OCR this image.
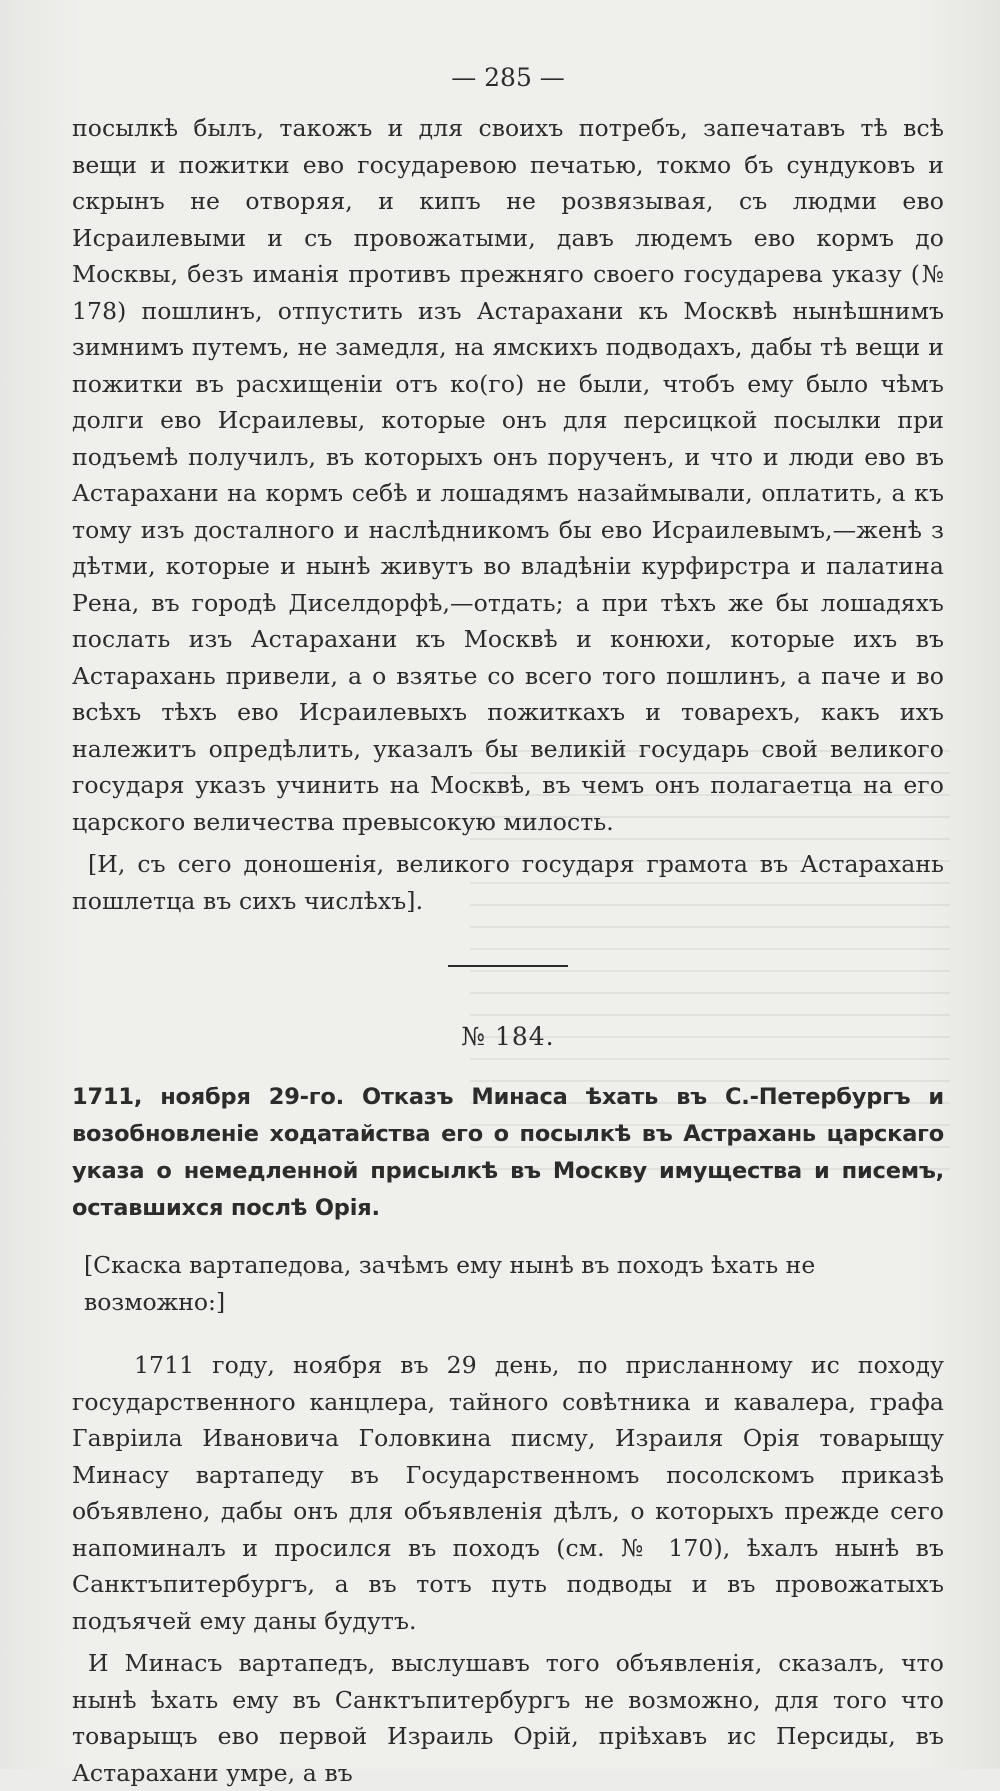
— 285 —

посылкѣ былъ, такожъ и для своихъ потребъ, запечатавъ тѣ всѣ вещи и пожитки ево государевою печатью, токмо бъ сундуковъ и скрынъ не отворяя, и кипъ не розвязывая, съ людми ево Исраилевыми и съ провожатыми, давъ людемъ ево кормъ до Москвы, безъ иманія противъ прежняго своего государева указу (№ 178) пошлинъ, отпустить изъ Астарахани къ Москвѣ нынѣшнимъ зимнимъ путемъ, не замедля, на ямскихъ подводахъ, дабы тѣ вещи и пожитки въ расхищеніи отъ ко(го) не были, чтобъ ему было чѣмъ долги ево Исраилевы, которые онъ для персицкой посылки при подъемѣ получилъ, въ которыхъ онъ порученъ, и что и люди ево въ Астарахани на кормъ себѣ и лошадямъ назаймывали, оплатить, а къ тому изъ досталного и наслѣдникомъ бы ево Исраилевымъ,—женѣ з дѣтми, которые и нынѣ живутъ во владѣніи курфирстра и палатина Рена, въ городѣ Диселдорфѣ,—отдать; а при тѣхъ же бы лошадяхъ послать изъ Астарахани къ Москвѣ и конюхи, которые ихъ въ Астарахань привели, а о взятье со всего того пошлинъ, а паче и во всѣхъ тѣхъ ево Исраилевыхъ пожиткахъ и товарехъ, какъ ихъ належитъ опредѣлить, указалъ бы великій государь свой великого государя указъ учинить на Москвѣ, въ чемъ онъ полагаетца на его царского величества превысокую милость.

[И, съ сего доношенія, великого государя грамота въ Астарахань пошлетца въ сихъ числѣхъ].

№ 184.
1711, ноября 29-го. Отказъ Минаса ѣхать въ С.-Петербургъ и возобновленіе ходатайства его о посылкѣ въ Астрахань царскаго указа о немедленной присылкѣ въ Москву имущества и писемъ, оставшихся послѣ Орія.
[Скаска вартапедова, зачѣмъ ему нынѣ въ походъ ѣхать не возможно:]

1711 году, ноября въ 29 день, по присланному ис походу государственного канцлера, тайного совѣтника и кавалера, графа Гавріила Ивановича Головкина писму, Израиля Орія товарыщу Минасу вартапеду въ Государственномъ посолскомъ приказѣ объявлено, дабы онъ для объявленія дѣлъ, о которыхъ прежде сего напоминалъ и просился въ походъ (см. № 170), ѣхалъ нынѣ въ Санктъпитербургъ, а въ тотъ путь подводы и въ провожатыхъ подъячей ему даны будутъ.

И Минасъ вартапедъ, выслушавъ того объявленія, сказалъ, что нынѣ ѣхать ему въ Санктъпитербургъ не возможно, для того что товарыщъ ево первой Израиль Орій, пріѣхавъ ис Персиды, въ Астарахани умре, а въ
